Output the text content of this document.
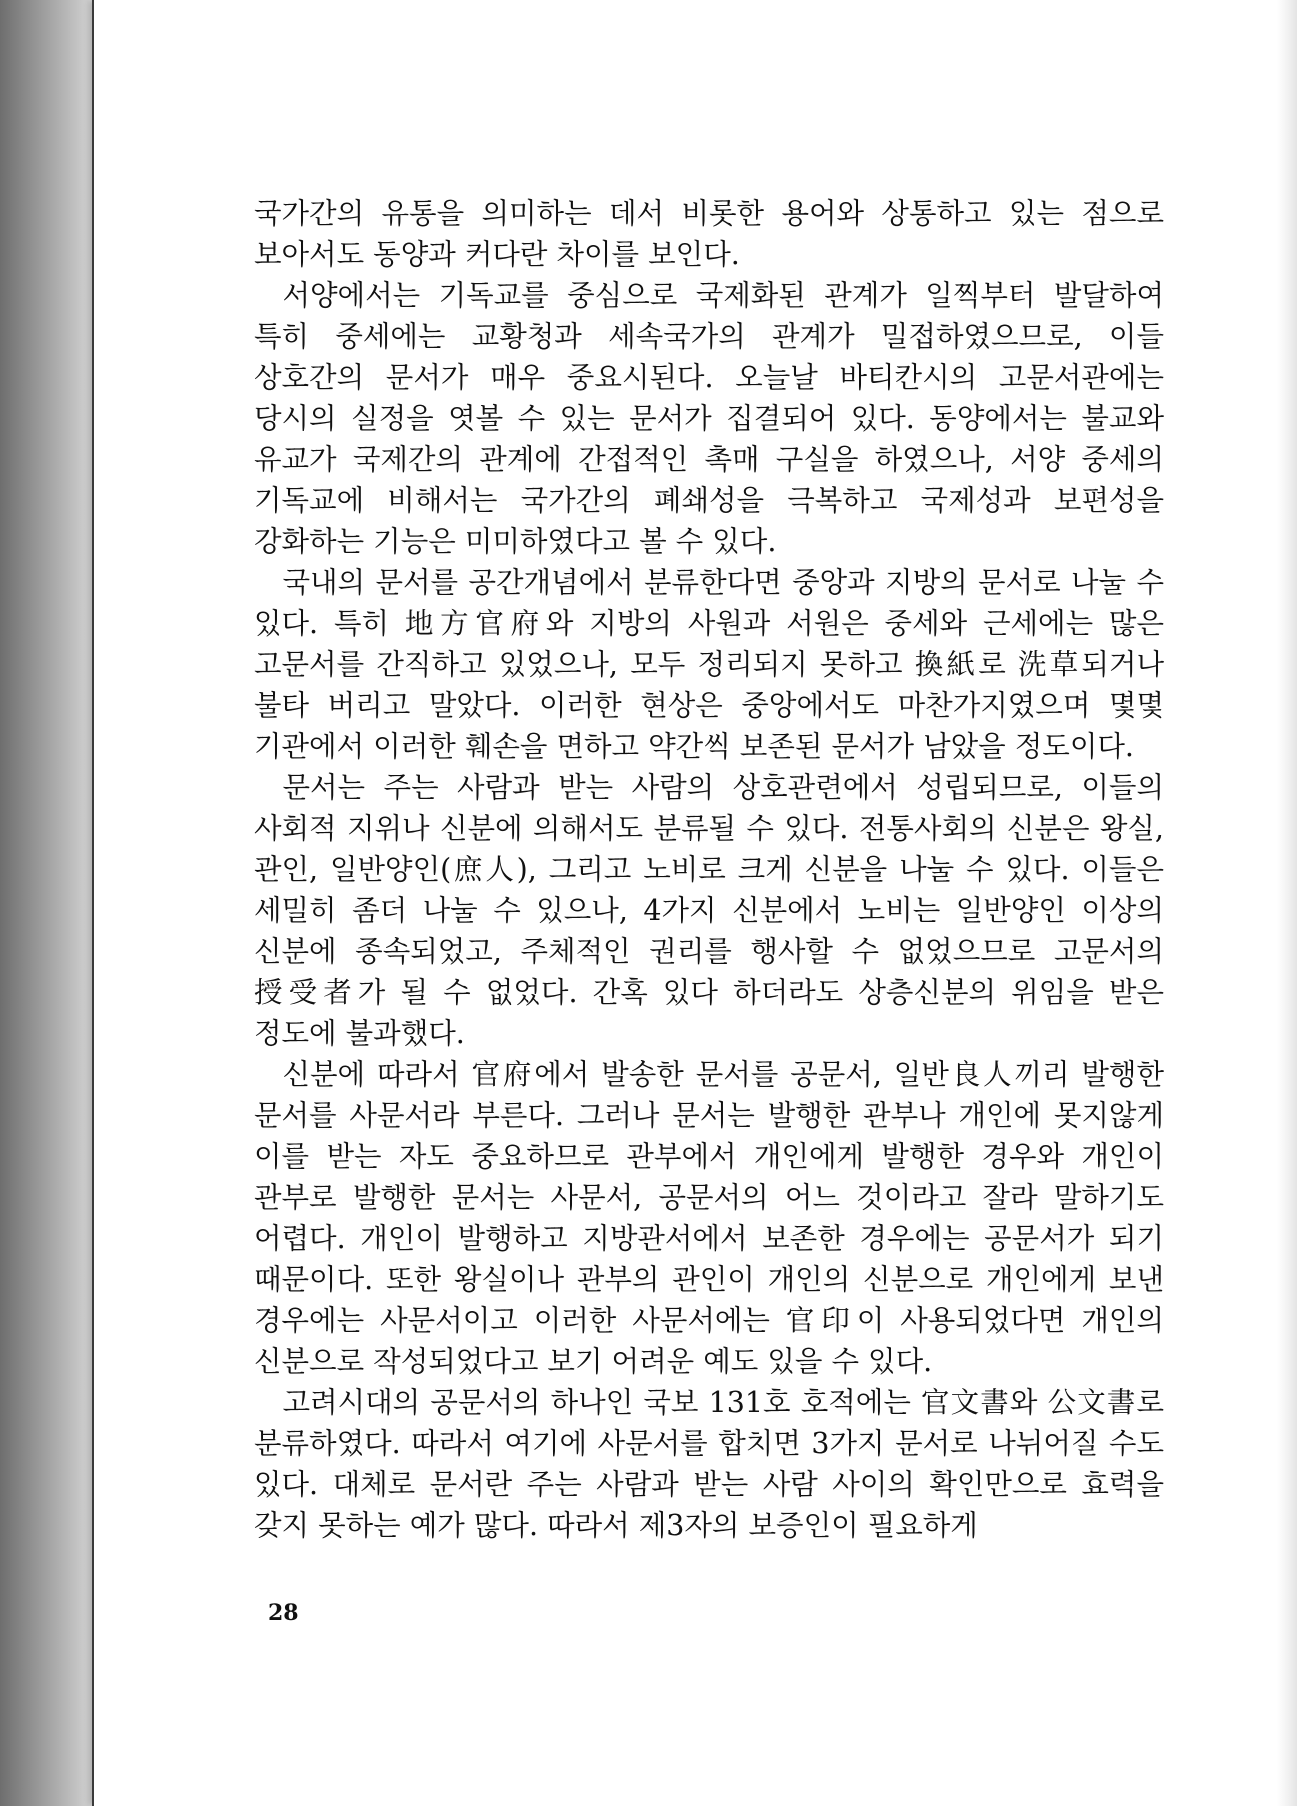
국가간의 유통을 의미하는 데서 비롯한 용어와 상통하고 있는 점으로 보아서도 동양과 커다란 차이를 보인다.

서양에서는 기독교를 중심으로 국제화된 관계가 일찍부터 발달하여 특히 중세에는 교황청과 세속국가의 관계가 밀접하였으므로, 이들 상호간의 문서가 매우 중요시된다. 오늘날 바티칸시의 고문서관에는 당시의 실정을 엿볼 수 있는 문서가 집결되어 있다. 동양에서는 불교와 유교가 국제간의 관계에 간접적인 촉매 구실을 하였으나, 서양 중세의 기독교에 비해서는 국가간의 폐쇄성을 극복하고 국제성과 보편성을 강화하는 기능은 미미하였다고 볼 수 있다.

국내의 문서를 공간개념에서 분류한다면 중앙과 지방의 문서로 나눌 수 있다. 특히 地方官府와 지방의 사원과 서원은 중세와 근세에는 많은 고문서를 간직하고 있었으나, 모두 정리되지 못하고 換紙로 洗草되거나 불타 버리고 말았다. 이러한 현상은 중앙에서도 마찬가지였으며 몇몇 기관에서 이러한 훼손을 면하고 약간씩 보존된 문서가 남았을 정도이다.

문서는 주는 사람과 받는 사람의 상호관련에서 성립되므로, 이들의 사회적 지위나 신분에 의해서도 분류될 수 있다. 전통사회의 신분은 왕실, 관인, 일반양인(庶人), 그리고 노비로 크게 신분을 나눌 수 있다. 이들은 세밀히 좀더 나눌 수 있으나, 4가지 신분에서 노비는 일반양인 이상의 신분에 종속되었고, 주체적인 권리를 행사할 수 없었으므로 고문서의 授受者가 될 수 없었다. 간혹 있다 하더라도 상층신분의 위임을 받은 정도에 불과했다.

신분에 따라서 官府에서 발송한 문서를 공문서, 일반良人끼리 발행한 문서를 사문서라 부른다. 그러나 문서는 발행한 관부나 개인에 못지않게 이를 받는 자도 중요하므로 관부에서 개인에게 발행한 경우와 개인이 관부로 발행한 문서는 사문서, 공문서의 어느 것이라고 잘라 말하기도 어렵다. 개인이 발행하고 지방관서에서 보존한 경우에는 공문서가 되기 때문이다. 또한 왕실이나 관부의 관인이 개인의 신분으로 개인에게 보낸 경우에는 사문서이고 이러한 사문서에는 官印이 사용되었다면 개인의 신분으로 작성되었다고 보기 어려운 예도 있을 수 있다.

고려시대의 공문서의 하나인 국보 131호 호적에는 官文書와 公文書로 분류하였다. 따라서 여기에 사문서를 합치면 3가지 문서로 나뉘어질 수도 있다. 대체로 문서란 주는 사람과 받는 사람 사이의 확인만으로 효력을 갖지 못하는 예가 많다. 따라서 제3자의 보증인이 필요하게

28
